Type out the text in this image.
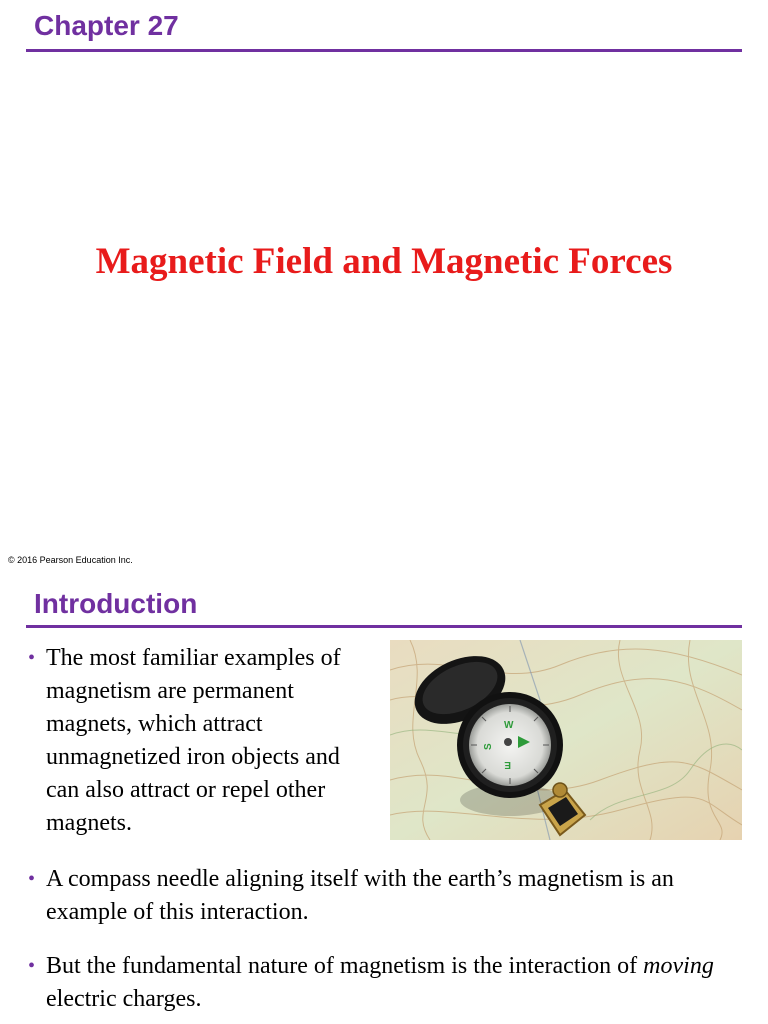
Chapter 27
Magnetic Field and Magnetic Forces
© 2016 Pearson Education Inc.
Introduction
• The most familiar examples of magnetism are permanent magnets, which attract unmagnetized iron objects and can also attract or repel other magnets.
W
S
E
• A compass needle aligning itself with the earth’s magnetism is an example of this interaction.
• But the fundamental nature of magnetism is the interaction of moving electric charges.
